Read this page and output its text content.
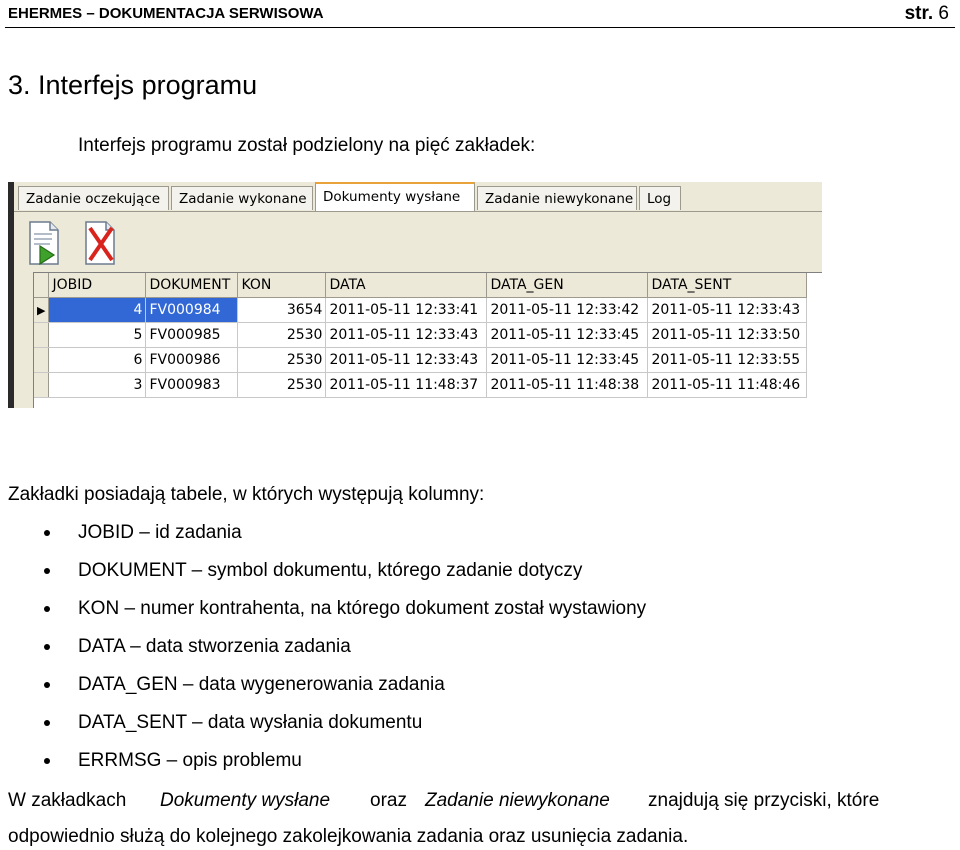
EHERMES – DOKUMENTACJA SERWISOWA	str. 6
3. Interfejs programu
Interfejs programu został podzielony na pięć zakładek:
Zadanie oczekujące	Zadanie wykonane	Dokumenty wysłane	Zadanie niewykonane	Log
	JOBID	DOKUMENT	KON	DATA	DATA_GEN	DATA_SENT
▶	4	FV000984	3654	2011-05-11 12:33:41	2011-05-11 12:33:42	2011-05-11 12:33:43
	5	FV000985	2530	2011-05-11 12:33:43	2011-05-11 12:33:45	2011-05-11 12:33:50
	6	FV000986	2530	2011-05-11 12:33:43	2011-05-11 12:33:45	2011-05-11 12:33:55
	3	FV000983	2530	2011-05-11 11:48:37	2011-05-11 11:48:38	2011-05-11 11:48:46
Zakładki posiadają tabele, w których występują kolumny:
JOBID – id zadania
DOKUMENT – symbol dokumentu, którego zadanie dotyczy
KON – numer kontrahenta, na którego dokument został wystawiony
DATA – data stworzenia zadania
DATA_GEN – data wygenerowania zadania
DATA_SENT – data wysłania dokumentu
ERRMSG – opis problemu
W zakładkach Dokumenty wysłane oraz Zadanie niewykonane znajdują się przyciski, które
odpowiednio służą do kolejnego zakolejkowania zadania oraz usunięcia zadania.
